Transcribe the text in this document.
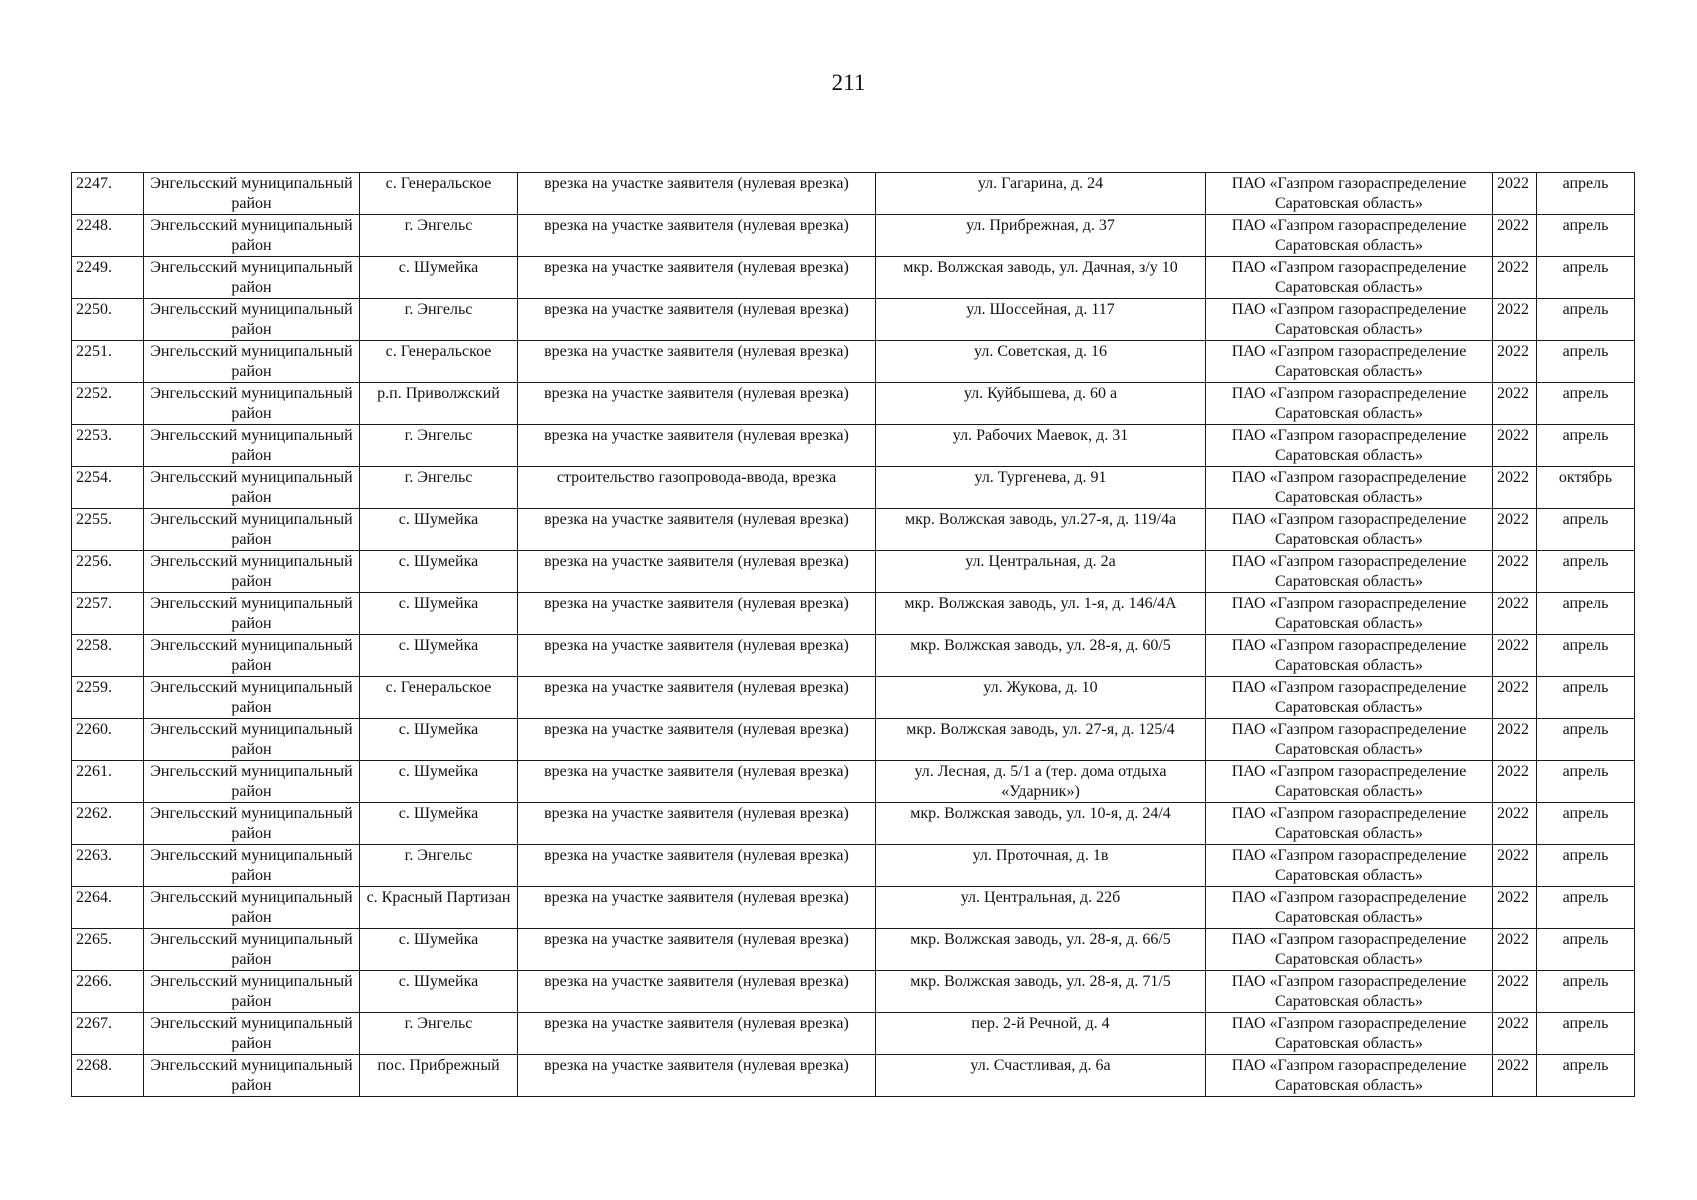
211
2247.	Энгельсский муниципальный район	с. Генеральское	врезка на участке заявителя (нулевая врезка)	ул. Гагарина, д. 24	ПАО «Газпром газораспределение Саратовская область»	2022	апрель
2248.	Энгельсский муниципальный район	г. Энгельс	врезка на участке заявителя (нулевая врезка)	ул. Прибрежная, д. 37	ПАО «Газпром газораспределение Саратовская область»	2022	апрель
2249.	Энгельсский муниципальный район	с. Шумейка	врезка на участке заявителя (нулевая врезка)	мкр. Волжская заводь, ул. Дачная, з/у 10	ПАО «Газпром газораспределение Саратовская область»	2022	апрель
2250.	Энгельсский муниципальный район	г. Энгельс	врезка на участке заявителя (нулевая врезка)	ул. Шоссейная, д. 117	ПАО «Газпром газораспределение Саратовская область»	2022	апрель
2251.	Энгельсский муниципальный район	с. Генеральское	врезка на участке заявителя (нулевая врезка)	ул. Советская, д. 16	ПАО «Газпром газораспределение Саратовская область»	2022	апрель
2252.	Энгельсский муниципальный район	р.п. Приволжский	врезка на участке заявителя (нулевая врезка)	ул. Куйбышева, д. 60 а	ПАО «Газпром газораспределение Саратовская область»	2022	апрель
2253.	Энгельсский муниципальный район	г. Энгельс	врезка на участке заявителя (нулевая врезка)	ул. Рабочих Маевок, д. 31	ПАО «Газпром газораспределение Саратовская область»	2022	апрель
2254.	Энгельсский муниципальный район	г. Энгельс	строительство газопровода-ввода, врезка	ул. Тургенева, д. 91	ПАО «Газпром газораспределение Саратовская область»	2022	октябрь
2255.	Энгельсский муниципальный район	с. Шумейка	врезка на участке заявителя (нулевая врезка)	мкр. Волжская заводь, ул.27-я, д. 119/4а	ПАО «Газпром газораспределение Саратовская область»	2022	апрель
2256.	Энгельсский муниципальный район	с. Шумейка	врезка на участке заявителя (нулевая врезка)	ул. Центральная, д. 2а	ПАО «Газпром газораспределение Саратовская область»	2022	апрель
2257.	Энгельсский муниципальный район	с. Шумейка	врезка на участке заявителя (нулевая врезка)	мкр. Волжская заводь, ул. 1-я, д. 146/4А	ПАО «Газпром газораспределение Саратовская область»	2022	апрель
2258.	Энгельсский муниципальный район	с. Шумейка	врезка на участке заявителя (нулевая врезка)	мкр. Волжская заводь, ул. 28-я, д. 60/5	ПАО «Газпром газораспределение Саратовская область»	2022	апрель
2259.	Энгельсский муниципальный район	с. Генеральское	врезка на участке заявителя (нулевая врезка)	ул. Жукова, д. 10	ПАО «Газпром газораспределение Саратовская область»	2022	апрель
2260.	Энгельсский муниципальный район	с. Шумейка	врезка на участке заявителя (нулевая врезка)	мкр. Волжская заводь, ул. 27-я, д. 125/4	ПАО «Газпром газораспределение Саратовская область»	2022	апрель
2261.	Энгельсский муниципальный район	с. Шумейка	врезка на участке заявителя (нулевая врезка)	ул. Лесная, д. 5/1 а (тер. дома отдыха «Ударник»)	ПАО «Газпром газораспределение Саратовская область»	2022	апрель
2262.	Энгельсский муниципальный район	с. Шумейка	врезка на участке заявителя (нулевая врезка)	мкр. Волжская заводь, ул. 10-я, д. 24/4	ПАО «Газпром газораспределение Саратовская область»	2022	апрель
2263.	Энгельсский муниципальный район	г. Энгельс	врезка на участке заявителя (нулевая врезка)	ул. Проточная, д. 1в	ПАО «Газпром газораспределение Саратовская область»	2022	апрель
2264.	Энгельсский муниципальный район	с. Красный Партизан	врезка на участке заявителя (нулевая врезка)	ул. Центральная, д. 22б	ПАО «Газпром газораспределение Саратовская область»	2022	апрель
2265.	Энгельсский муниципальный район	с. Шумейка	врезка на участке заявителя (нулевая врезка)	мкр. Волжская заводь, ул. 28-я, д. 66/5	ПАО «Газпром газораспределение Саратовская область»	2022	апрель
2266.	Энгельсский муниципальный район	с. Шумейка	врезка на участке заявителя (нулевая врезка)	мкр. Волжская заводь, ул. 28-я, д. 71/5	ПАО «Газпром газораспределение Саратовская область»	2022	апрель
2267.	Энгельсский муниципальный район	г. Энгельс	врезка на участке заявителя (нулевая врезка)	пер. 2-й Речной, д. 4	ПАО «Газпром газораспределение Саратовская область»	2022	апрель
2268.	Энгельсский муниципальный район	пос. Прибрежный	врезка на участке заявителя (нулевая врезка)	ул. Счастливая, д. 6а	ПАО «Газпром газораспределение Саратовская область»	2022	апрель
